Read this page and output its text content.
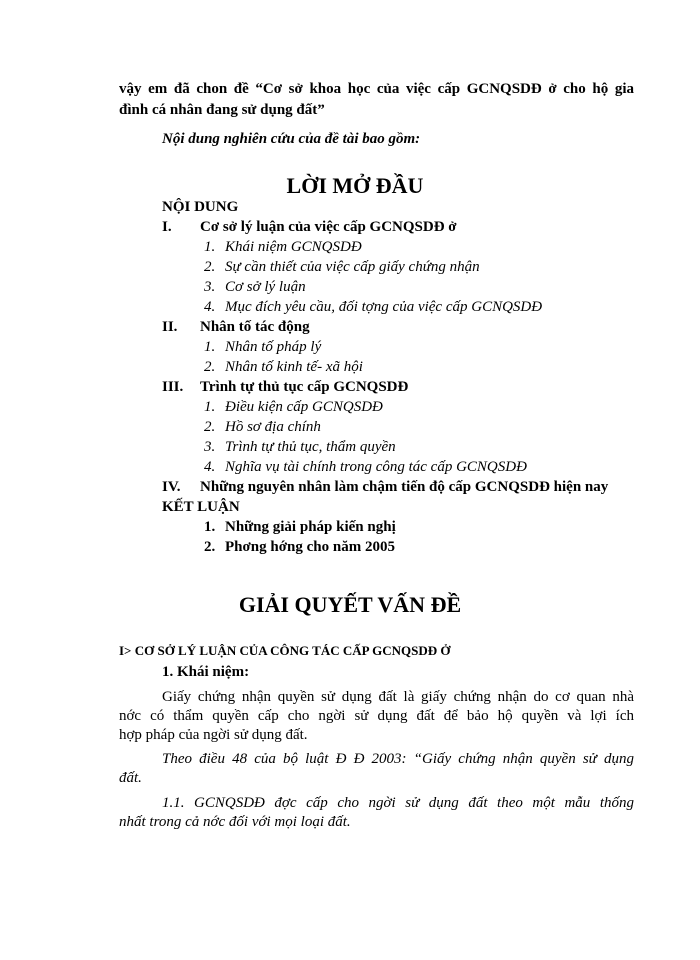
vậy em đã chon đề “Cơ sở khoa học của việc cấp GCNQSDĐ ở cho hộ gia
đình cá nhân đang sử dụng đất”
Nội dung nghiên cứu của đề tài bao gồm:
LỜI MỞ ĐẦU
NỘI DUNG
I. Cơ sở lý luận của việc cấp GCNQSDĐ ở
1. Khái niệm GCNQSDĐ
2. Sự cần thiết của việc cấp giấy chứng nhận
3. Cơ sở lý luận
4. Mục đích yêu cầu, đối tợng của việc cấp GCNQSDĐ
II. Nhân tố tác động
1. Nhân tố pháp lý
2. Nhân tố kinh tế- xã hội
III. Trình tự thủ tục cấp GCNQSDĐ
1. Điều kiện cấp GCNQSDĐ
2. Hồ sơ địa chính
3. Trình tự thủ tục, thẩm quyền
4. Nghĩa vụ tài chính trong công tác cấp GCNQSDĐ
IV. Những nguyên nhân làm chậm tiến độ cấp GCNQSDĐ hiện nay
KẾT LUẬN
1. Những giải pháp kiến nghị
2. Phơng hớng cho năm 2005
GIẢI QUYẾT VẤN ĐỀ
I> CƠ SỞ LÝ LUẬN CỦA CÔNG TÁC CẤP GCNQSDĐ Ở
1. Khái niệm:
Giấy chứng nhận quyền sử dụng đất là giấy chứng nhận do cơ quan nhà
nớc có thẩm quyền cấp cho ngời sử dụng đất để bảo hộ quyền và lợi ích
hợp pháp của ngời sử dụng đất.
Theo điều 48 của bộ luật Đ Đ 2003: “Giấy chứng nhận quyền sử dụng
đất.
1.1. GCNQSDĐ đợc cấp cho ngời sử dụng đất theo một mẫu thống
nhất trong cả nớc đối với mọi loại đất.
